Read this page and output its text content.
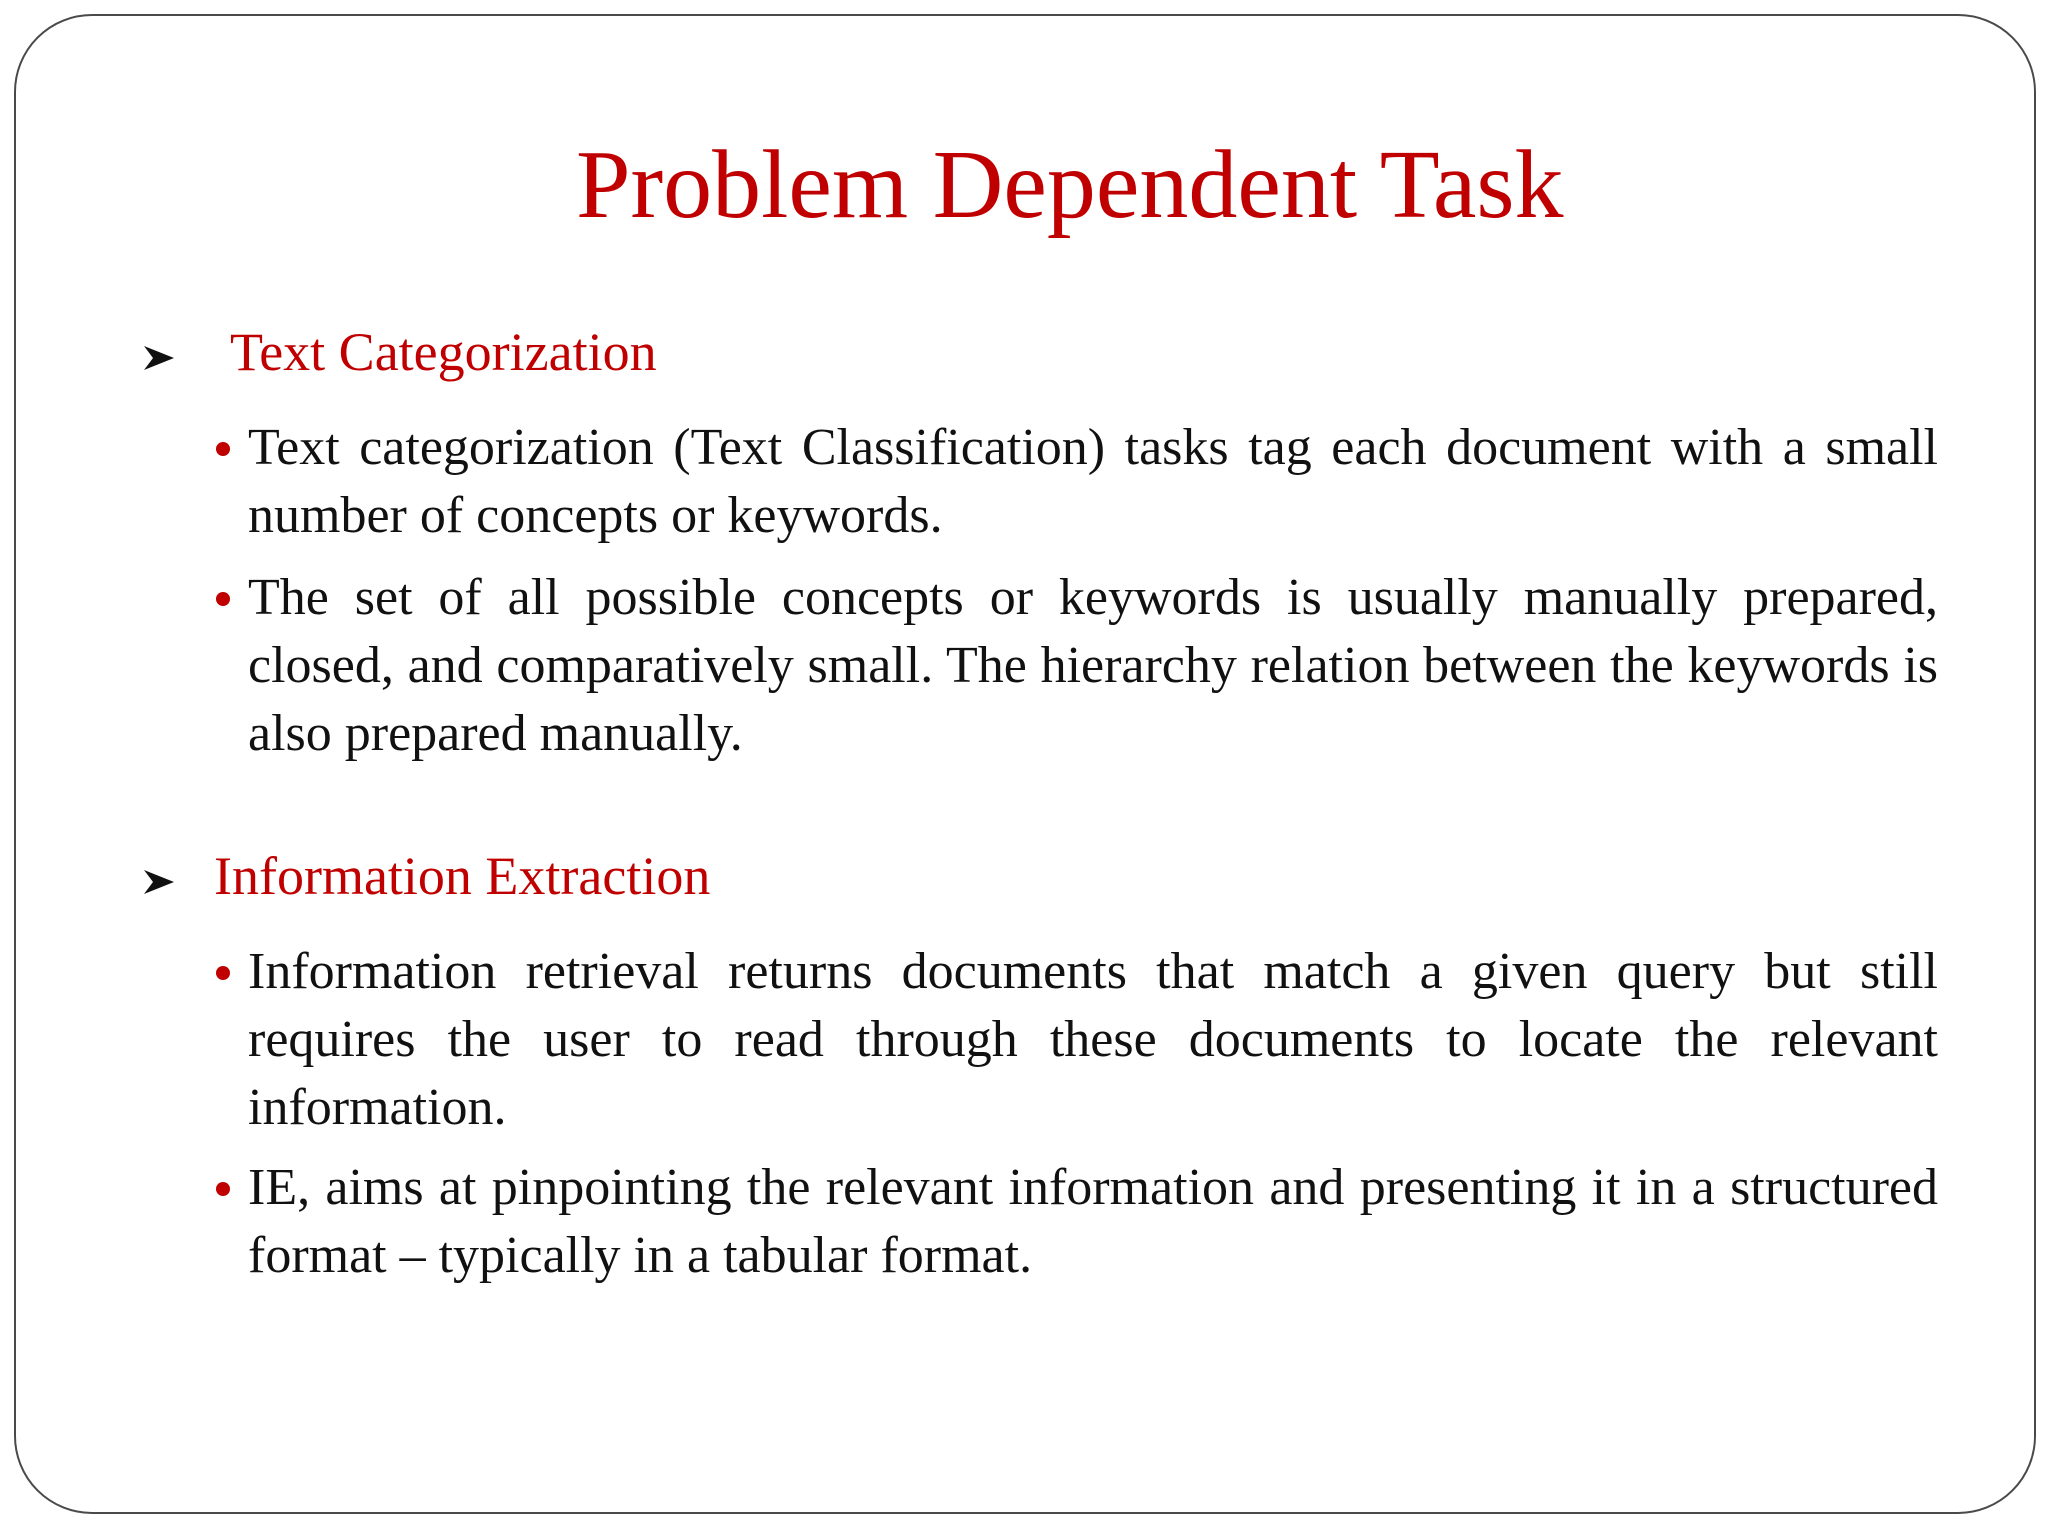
Problem Dependent Task
Text Categorization

Text categorization (Text Classification) tasks tag each document with a small number of concepts or keywords.

The set of all possible concepts or keywords is usually manually prepared, closed, and comparatively small. The hierarchy relation between the keywords is also prepared manually.

Information Extraction

Information retrieval returns documents that match a given query but still requires the user to read through these documents to locate the relevant information.

IE, aims at pinpointing the relevant information and presenting it in a structured format – typically in a tabular format.
